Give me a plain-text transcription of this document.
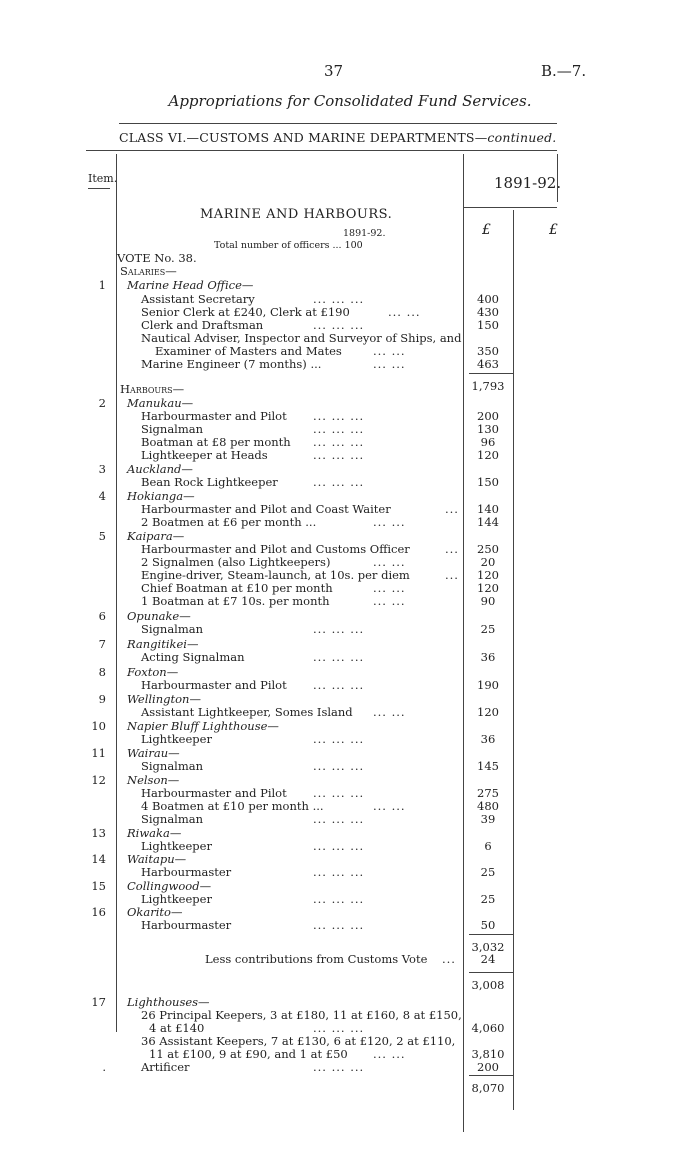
37	B.—7.
Appropriations for Consolidated Fund Services.
CLASS VI.—CUSTOMS AND MARINE DEPARTMENTS—continued.
Item.	1891-92.
MARINE AND HARBOURS.
1891-92.
Total number of officers ... 100
£	£
VOTE No. 38.
Salaries—
1 Marine Head Office—
Assistant Secretary	... ... ...	400
Senior Clerk at £240, Clerk at £190	... ...	430
Clerk and Draftsman	... ... ...	150
Nautical Adviser, Inspector and Surveyor of Ships, and
Examiner of Masters and Mates	... ...	350
Marine Engineer (7 months) ...	... ...	463
1,793
Harbours—
2 Manukau—
Harbourmaster and Pilot ... ... ...	200
Signalman	... ... ...	130
Boatman at £8 per month ... ... ...	96
Lightkeeper at Heads	... ... ...	120
3 Auckland—
Bean Rock Lightkeeper	... ... ...	150
4 Hokianga—
Harbourmaster and Pilot and Coast Waiter	...	140
2 Boatmen at £6 per month ...	... ...	144
5 Kaipara—
Harbourmaster and Pilot and Customs Officer	...	250
2 Signalmen (also Lightkeepers)	... ...	20
Engine-driver, Steam-launch, at 10s. per diem	...	120
Chief Boatman at £10 per month	... ...	120
1 Boatman at £7 10s. per month	... ...	90
6 Opunake—
Signalman	... ... ...	25
7 Rangitikei—
Acting Signalman	... ... ...	36
8 Foxton—
Harbourmaster and Pilot ... ... ...	190
9 Wellington—
Assistant Lightkeeper, Somes Island ... ...	120
10 Napier Bluff Lighthouse—
Lightkeeper	... ... ...	36
11 Wairau—
Signalman	... ... ...	145
12 Nelson—
Harbourmaster and Pilot ... ... ...	275
4 Boatmen at £10 per month ...	... ...	480
Signalman	... ... ...	39
13 Riwaka—
Lightkeeper	... ... ...	6
14 Waitapu—
Harbourmaster	... ... ...	25
15 Collingwood—
Lightkeeper	... ... ...	25
16 Okarito—
Harbourmaster	... ... ...	50
3,032
Less contributions from Customs Vote ...	24
3,008
17 Lighthouses—
26 Principal Keepers, 3 at £180, 11 at £160, 8 at £150,
4 at £140	... ... ...	4,060
36 Assistant Keepers, 7 at £130, 6 at £120, 2 at £110,
11 at £100, 9 at £90, and 1 at £50 ... ...	3,810
.	Artificer	... ... ...	200
8,070
